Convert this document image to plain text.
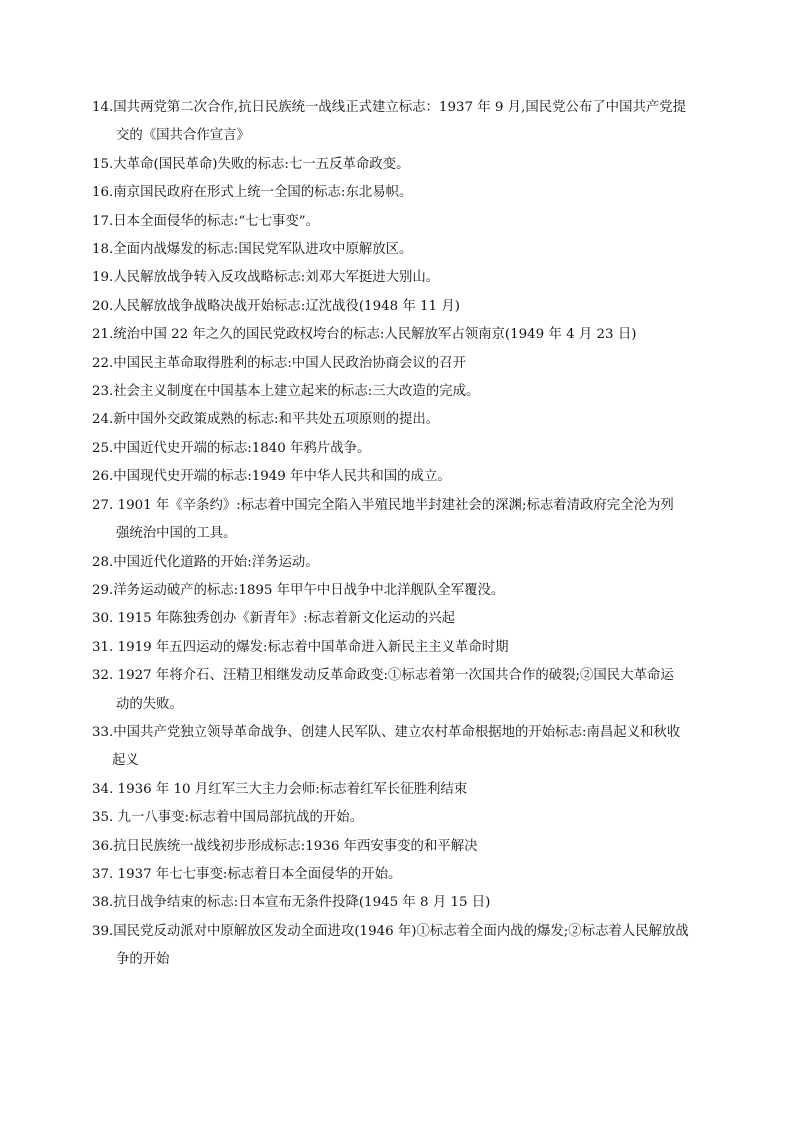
14.国共两党第二次合作,抗日民族统一战线正式建立标志：1937 年 9 月,国民党公布了中国共产党提
交的《国共合作宣言》
15.大革命(国民革命)失败的标志:七一五反革命政变。
16.南京国民政府在形式上统一全国的标志:东北易帜。
17.日本全面侵华的标志:“七七事变”。
18.全面内战爆发的标志:国民党军队进攻中原解放区。
19.人民解放战争转入反攻战略标志:刘邓大军挺进大别山。
20.人民解放战争战略决战开始标志:辽沈战役(1948 年 11 月)
21.统治中国 22 年之久的国民党政权垮台的标志:人民解放军占领南京(1949 年 4 月 23 日)
22.中国民主革命取得胜利的标志:中国人民政治协商会议的召开
23.社会主义制度在中国基本上建立起来的标志:三大改造的完成。
24.新中国外交政策成熟的标志:和平共处五项原则的提出。
25.中国近代史开端的标志:1840 年鸦片战争。
26.中国现代史开端的标志:1949 年中华人民共和国的成立。
27. 1901 年《辛条约》:标志着中国完全陷入半殖民地半封建社会的深渊;标志着清政府完全沦为列
强统治中国的工具。
28.中国近代化道路的开始:洋务运动。
29.洋务运动破产的标志:1895 年甲午中日战争中北洋舰队全军覆没。
30. 1915 年陈独秀创办《新青年》:标志着新文化运动的兴起
31. 1919 年五四运动的爆发:标志着中国革命进入新民主主义革命时期
32. 1927 年将介石、汪精卫相继发动反革命政变:①标志着第一次国共合作的破裂;②国民大革命运
动的失败。
33.中国共产党独立领导革命战争、创建人民军队、建立农村革命根据地的开始标志:南昌起义和秋收
起义
34. 1936 年 10 月红军三大主力会师:标志着红军长征胜利结束
35. 九一八事变:标志着中国局部抗战的开始。
36.抗日民族统一战线初步形成标志:1936 年西安事变的和平解决
37. 1937 年七七事变:标志着日本全面侵华的开始。
38.抗日战争结束的标志:日本宣布无条件投降(1945 年 8 月 15 日)
39.国民党反动派对中原解放区发动全面进攻(1946 年)①标志着全面内战的爆发;②标志着人民解放战
争的开始
